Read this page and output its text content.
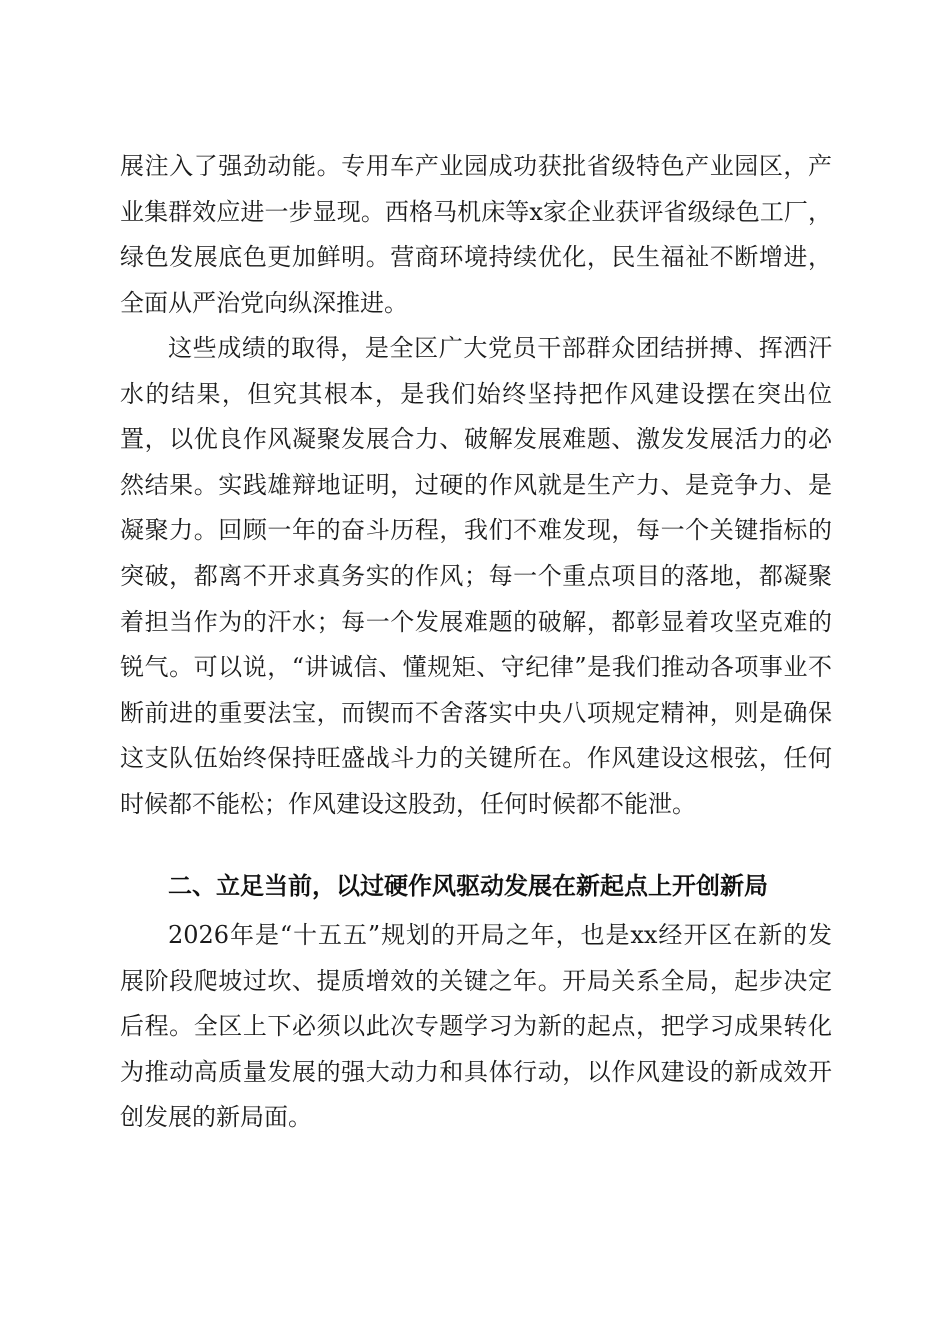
展注入了强劲动能。专用车产业园成功获批省级特色产业园区，产业集群效应进一步显现。西格马机床等x家企业获评省级绿色工厂，绿色发展底色更加鲜明。营商环境持续优化，民生福祉不断增进，全面从严治党向纵深推进。

这些成绩的取得，是全区广大党员干部群众团结拼搏、挥洒汗水的结果，但究其根本，是我们始终坚持把作风建设摆在突出位置，以优良作风凝聚发展合力、破解发展难题、激发发展活力的必然结果。实践雄辩地证明，过硬的作风就是生产力、是竞争力、是凝聚力。回顾一年的奋斗历程，我们不难发现，每一个关键指标的突破，都离不开求真务实的作风；每一个重点项目的落地，都凝聚着担当作为的汗水；每一个发展难题的破解，都彰显着攻坚克难的锐气。可以说，“讲诚信、懂规矩、守纪律”是我们推动各项事业不断前进的重要法宝，而锲而不舍落实中央八项规定精神，则是确保这支队伍始终保持旺盛战斗力的关键所在。作风建设这根弦，任何时候都不能松；作风建设这股劲，任何时候都不能泄。

二、立足当前，以过硬作风驱动发展在新起点上开创新局

2026年是“十五五”规划的开局之年，也是xx经开区在新的发展阶段爬坡过坎、提质增效的关键之年。开局关系全局，起步决定后程。全区上下必须以此次专题学习为新的起点，把学习成果转化为推动高质量发展的强大动力和具体行动，以作风建设的新成效开创发展的新局面。
